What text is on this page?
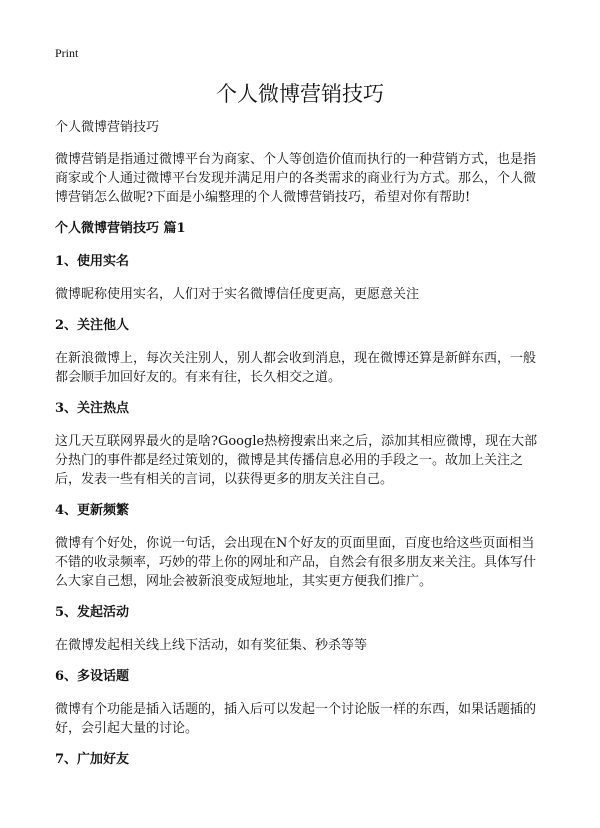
Print
个人微博营销技巧

个人微博营销技巧

微博营销是指通过微博平台为商家、个人等创造价值而执行的一种营销方式，也是指商家或个人通过微博平台发现并满足用户的各类需求的商业行为方式。那么，个人微博营销怎么做呢?下面是小编整理的个人微博营销技巧，希望对你有帮助!

个人微博营销技巧 篇1

1、使用实名

微博昵称使用实名，人们对于实名微博信任度更高，更愿意关注

2、关注他人

在新浪微博上，每次关注别人，别人都会收到消息，现在微博还算是新鲜东西，一般都会顺手加回好友的。有来有往，长久相交之道。

3、关注热点

这几天互联网界最火的是啥?Google热榜搜索出来之后，添加其相应微博，现在大部分热门的事件都是经过策划的，微博是其传播信息必用的手段之一。故加上关注之后，发表一些有相关的言词，以获得更多的朋友关注自己。

4、更新频繁

微博有个好处，你说一句话，会出现在N个好友的页面里面，百度也给这些页面相当不错的收录频率，巧妙的带上你的网址和产品，自然会有很多朋友来关注。具体写什么大家自己想，网址会被新浪变成短地址，其实更方便我们推广。

5、发起活动

在微博发起相关线上线下活动，如有奖征集、秒杀等等

6、多设话题

微博有个功能是插入话题的，插入后可以发起一个讨论版一样的东西，如果话题插的好，会引起大量的讨论。

7、广加好友
